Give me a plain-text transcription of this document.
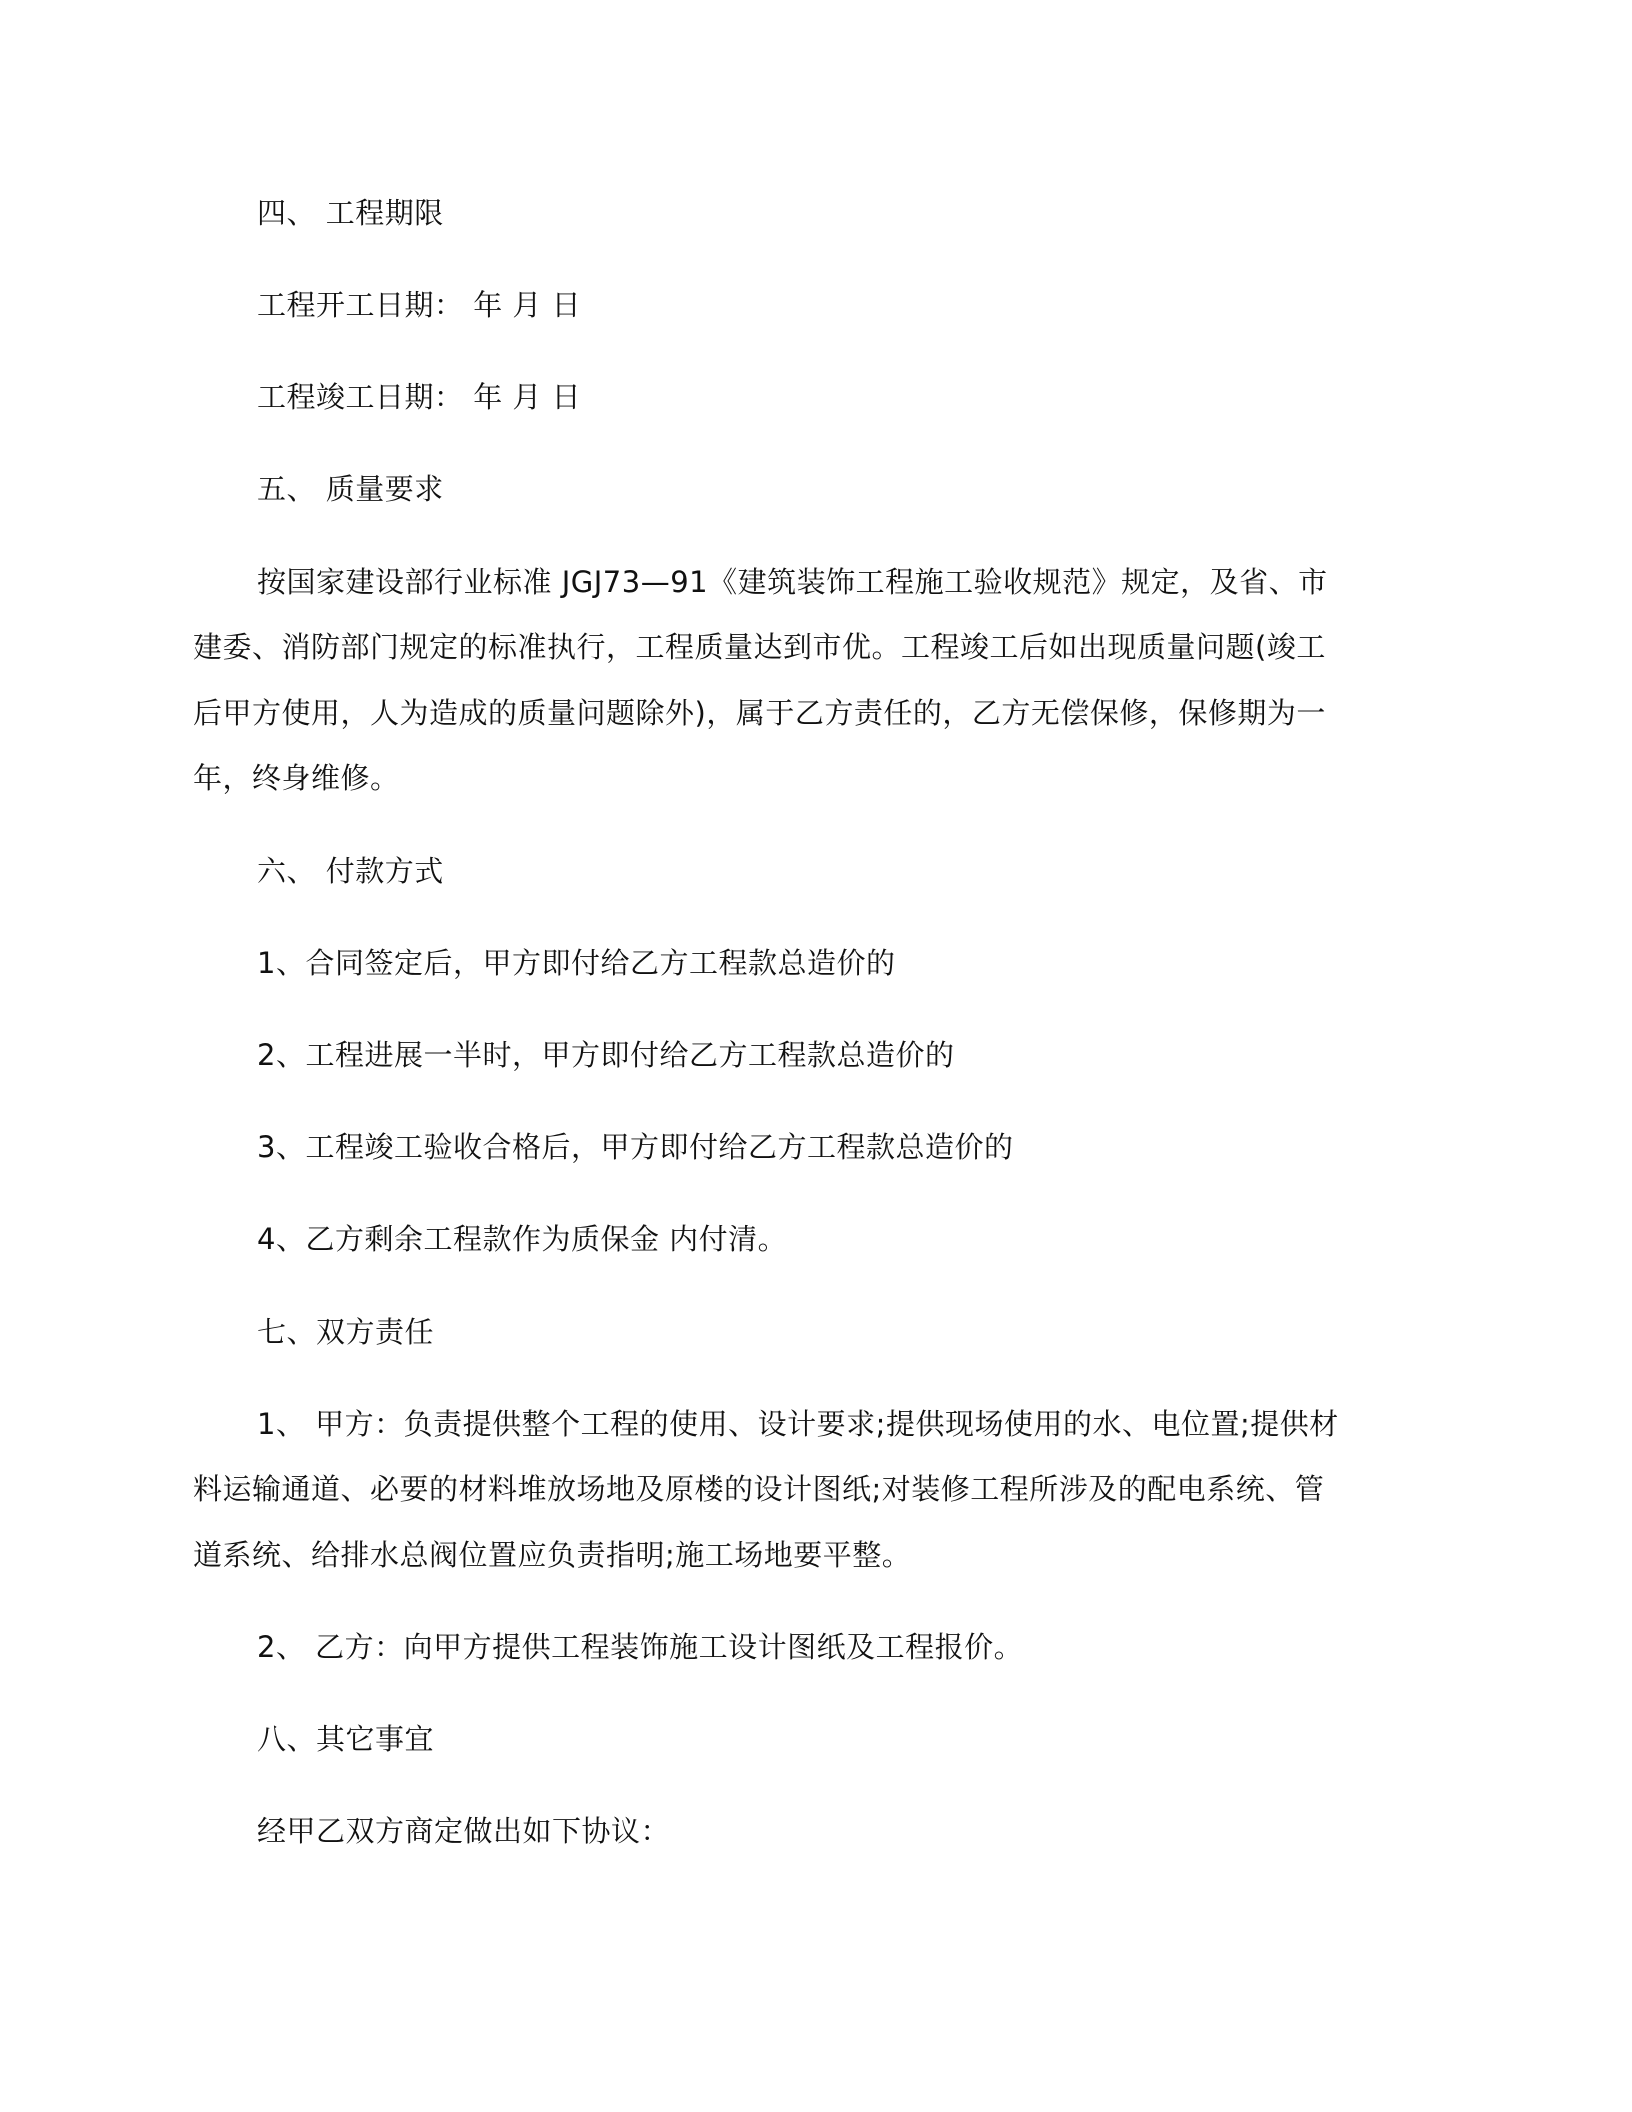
四、 工程期限
工程开工日期： 年 月 日
工程竣工日期： 年 月 日
五、 质量要求
按国家建设部行业标准 JGJ73—91《建筑装饰工程施工验收规范》规定，及省、市
建委、消防部门规定的标准执行，工程质量达到市优。工程竣工后如出现质量问题(竣工
后甲方使用，人为造成的质量问题除外)，属于乙方责任的，乙方无偿保修，保修期为一
年，终身维修。
六、 付款方式
1、合同签定后，甲方即付给乙方工程款总造价的
2、工程进展一半时，甲方即付给乙方工程款总造价的
3、工程竣工验收合格后，甲方即付给乙方工程款总造价的
4、乙方剩余工程款作为质保金 内付清。
七、双方责任
1、 甲方：负责提供整个工程的使用、设计要求;提供现场使用的水、电位置;提供材
料运输通道、必要的材料堆放场地及原楼的设计图纸;对装修工程所涉及的配电系统、管
道系统、给排水总阀位置应负责指明;施工场地要平整。
2、 乙方：向甲方提供工程装饰施工设计图纸及工程报价。
八、其它事宜
经甲乙双方商定做出如下协议：
